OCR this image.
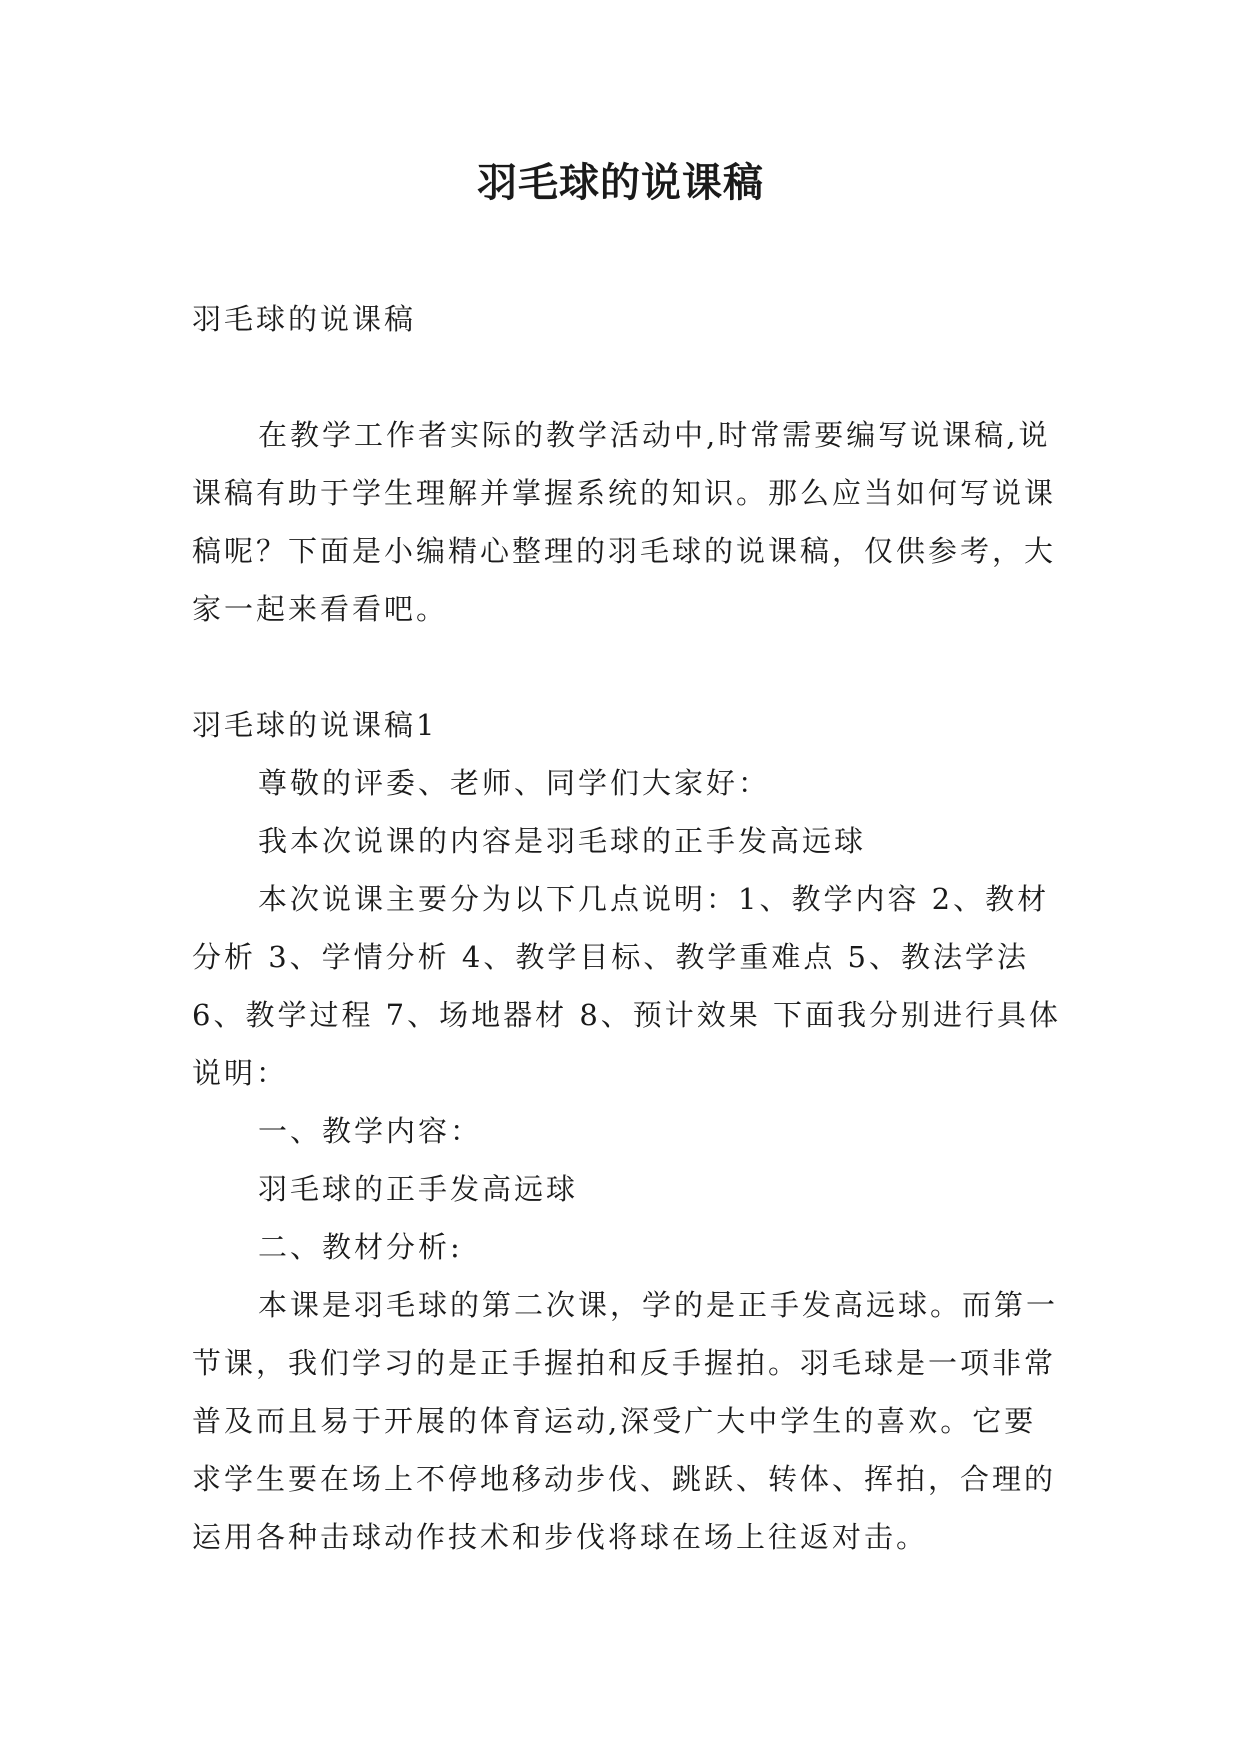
羽毛球的说课稿

羽毛球的说课稿

在教学工作者实际的教学活动中,时常需要编写说课稿,说课稿有助于学生理解并掌握系统的知识。那么应当如何写说课稿呢？下面是小编精心整理的羽毛球的说课稿，仅供参考，大家一起来看看吧。

羽毛球的说课稿1

尊敬的评委、老师、同学们大家好：

我本次说课的内容是羽毛球的正手发高远球

本次说课主要分为以下几点说明：1、教学内容 2、教材分析 3、学情分析 4、教学目标、教学重难点 5、教法学法 6、教学过程 7、场地器材 8、预计效果 下面我分别进行具体说明：

一、教学内容：

羽毛球的正手发高远球

二、教材分析:

本课是羽毛球的第二次课，学的是正手发高远球。而第一节课，我们学习的是正手握拍和反手握拍。羽毛球是一项非常普及而且易于开展的体育运动,深受广大中学生的喜欢。它要求学生要在场上不停地移动步伐、跳跃、转体、挥拍，合理的运用各种击球动作技术和步伐将球在场上往返对击。
